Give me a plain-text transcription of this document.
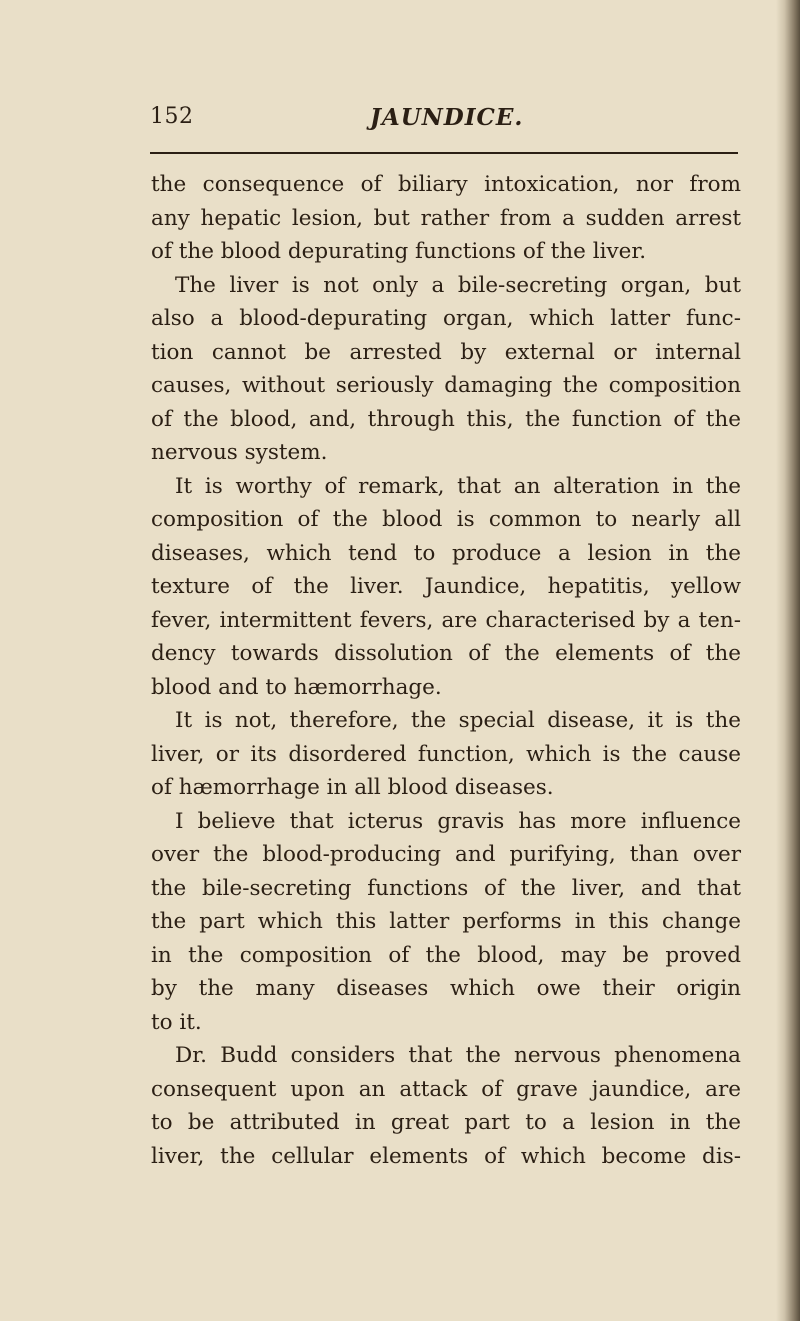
152	JAUNDICE.
the consequence of biliary intoxication, nor from
any hepatic lesion, but rather from a sudden arrest
of the blood depurating functions of the liver.
The liver is not only a bile-secreting organ, but
also a blood-depurating organ, which latter func-
tion cannot be arrested by external or internal
causes, without seriously damaging the composition
of the blood, and, through this, the function of the
nervous system.
It is worthy of remark, that an alteration in the
composition of the blood is common to nearly all
diseases, which tend to produce a lesion in the
texture of the liver. Jaundice, hepatitis, yellow
fever, intermittent fevers, are characterised by a ten-
dency towards dissolution of the elements of the
blood and to hæmorrhage.
It is not, therefore, the special disease, it is the
liver, or its disordered function, which is the cause
of hæmorrhage in all blood diseases.
I believe that icterus gravis has more influence
over the blood-producing and purifying, than over
the bile-secreting functions of the liver, and that
the part which this latter performs in this change
in the composition of the blood, may be proved
by the many diseases which owe their origin
to it.
Dr. Budd considers that the nervous phenomena
consequent upon an attack of grave jaundice, are
to be attributed in great part to a lesion in the
liver, the cellular elements of which become dis-
